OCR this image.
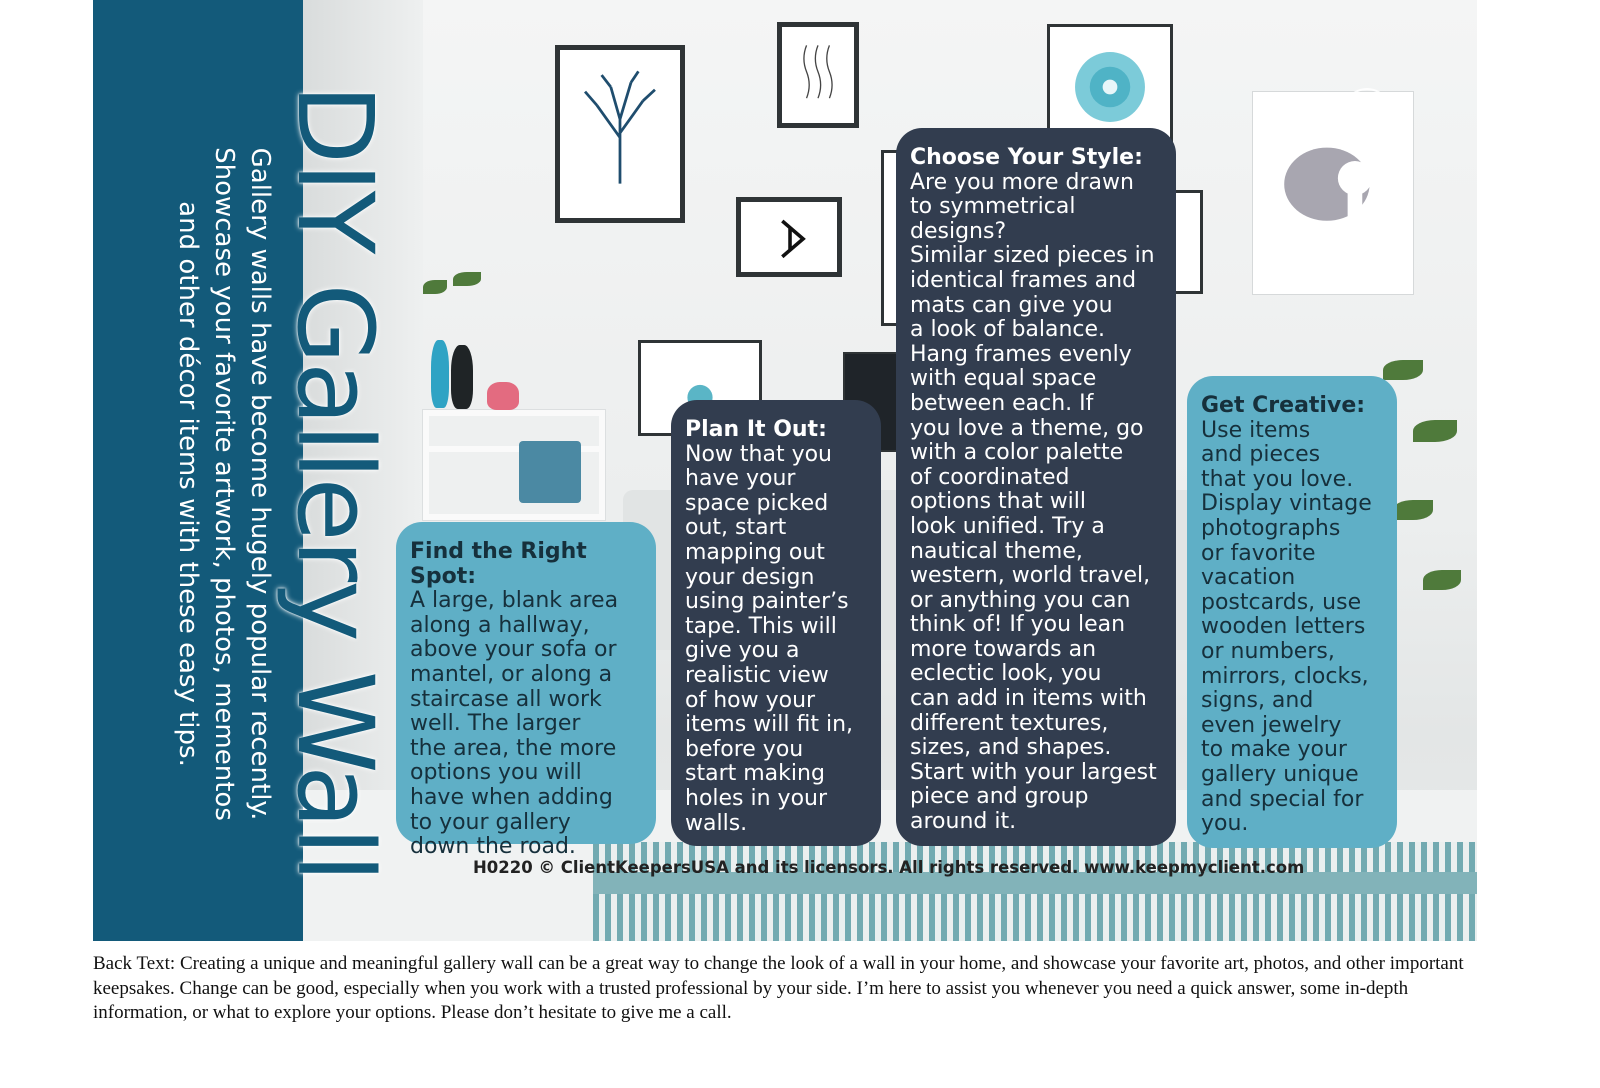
K
DIY Gallery Wall
Gallery walls have become hugely popular recently.
Showcase your favorite artwork, photos, mementos
and other décor items with these easy tips.	Find the Right Spot:

A large, blank area
along a hallway,
above your sofa or
mantel, or along a
staircase all work
well. The larger
the area, the more
options you will
have when adding
to your gallery
down the road.

Plan It Out:

Now that you
have your
space picked
out, start
mapping out
your design
using painter’s
tape. This will
give you a
realistic view
of how your
items will fit in,
before you
start making
holes in your
walls.

Choose Your Style:

Are you more drawn
to symmetrical
designs?
Similar sized pieces in
identical frames and
mats can give you
a look of balance.
Hang frames evenly
with equal space
between each. If
you love a theme, go
with a color palette
of coordinated
options that will
look unified. Try a
nautical theme,
western, world travel,
or anything you can
think of! If you lean
more towards an
eclectic look, you
can add in items with
different textures,
sizes, and shapes.
Start with your largest
piece and group
around it.

Get Creative:

Use items
and pieces
that you love.
Display vintage
photographs
or favorite
vacation
postcards, use
wooden letters
or numbers,
mirrors, clocks,
signs, and
even jewelry
to make your
gallery unique
and special for
you.

H0220 © ClientKeepersUSA and its licensors. All rights reserved. www.keepmyclient.com
Back Text: Creating a unique and meaningful gallery wall can be a great way to change the look of a wall in your home, and showcase your favorite art, photos, and other important keepsakes. Change can be good, especially when you work with a trusted professional by your side. I’m here to assist you whenever you need a quick answer, some in-depth information, or what to explore your options. Please don’t hesitate to give me a call.
